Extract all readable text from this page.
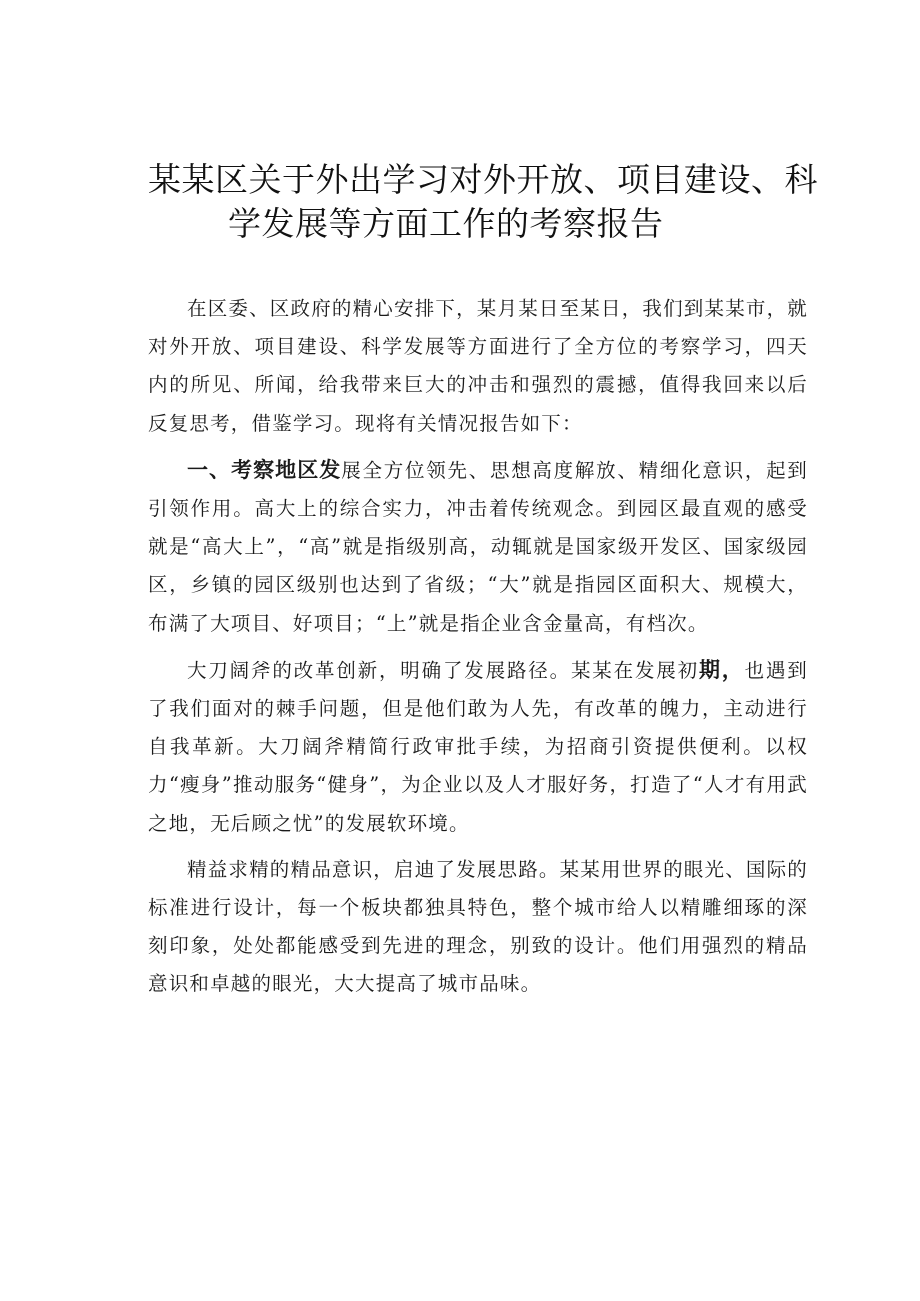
某某区关于外出学习对外开放、项目建设、科
学发展等方面工作的考察报告

在区委、区政府的精心安排下，某月某日至某日，我们到某某市，就对外开放、项目建设、科学发展等方面进行了全方位的考察学习，四天内的所见、所闻，给我带来巨大的冲击和强烈的震撼，值得我回来以后反复思考，借鉴学习。现将有关情况报告如下：

一、考察地区发展全方位领先、思想高度解放、精细化意识，起到引领作用。高大上的综合实力，冲击着传统观念。到园区最直观的感受就是“高大上”，“高”就是指级别高，动辄就是国家级开发区、国家级园区，乡镇的园区级别也达到了省级；“大”就是指园区面积大、规模大，布满了大项目、好项目；“上”就是指企业含金量高，有档次。

大刀阔斧的改革创新，明确了发展路径。某某在发展初期，也遇到了我们面对的棘手问题，但是他们敢为人先，有改革的魄力，主动进行自我革新。大刀阔斧精简行政审批手续，为招商引资提供便利。以权力“瘦身”推动服务“健身”，为企业以及人才服好务，打造了“人才有用武之地，无后顾之忧”的发展软环境。

精益求精的精品意识，启迪了发展思路。某某用世界的眼光、国际的标准进行设计，每一个板块都独具特色，整个城市给人以精雕细琢的深刻印象，处处都能感受到先进的理念，别致的设计。他们用强烈的精品意识和卓越的眼光，大大提高了城市品味。
